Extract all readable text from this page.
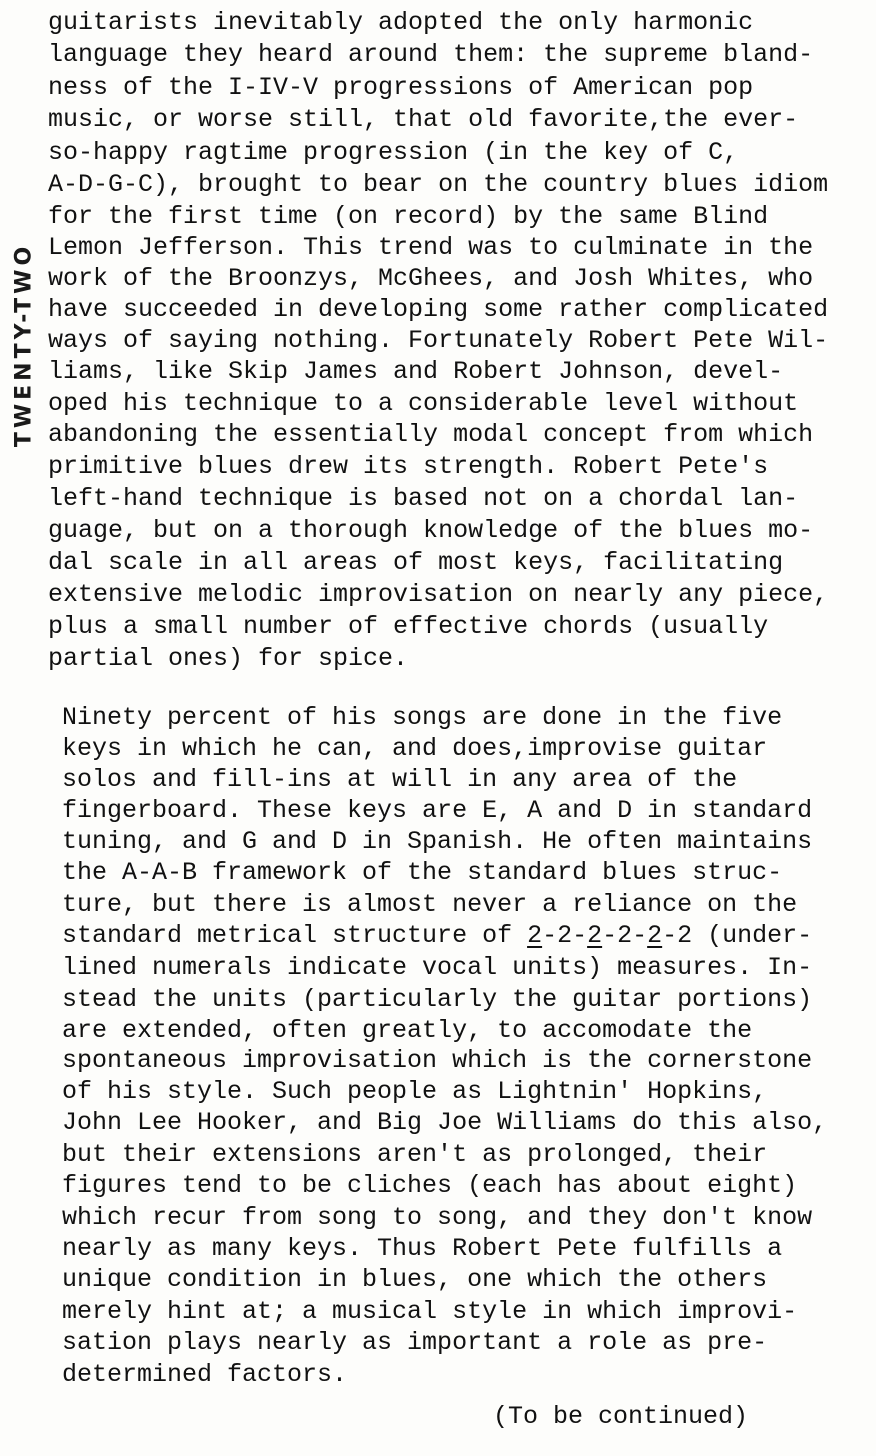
TWENTY-TWO
guitarists inevitably adopted the only harmonic
language they heard around them: the supreme bland-
ness of the I-IV-V progressions of American pop
music, or worse still, that old favorite,the ever-
so-happy ragtime progression (in the key of C,
A-D-G-C), brought to bear on the country blues idiom
for the first time (on record) by the same Blind
Lemon Jefferson. This trend was to culminate in the
work of the Broonzys, McGhees, and Josh Whites, who
have succeeded in developing some rather complicated
ways of saying nothing. Fortunately Robert Pete Wil-
liams, like Skip James and Robert Johnson, devel-
oped his technique to a considerable level without
abandoning the essentially modal concept from which
primitive blues drew its strength. Robert Pete's
left-hand technique is based not on a chordal lan-
guage, but on a thorough knowledge of the blues mo-
dal scale in all areas of most keys, facilitating
extensive melodic improvisation on nearly any piece,
plus a small number of effective chords (usually
partial ones) for spice.
Ninety percent of his songs are done in the five
keys in which he can, and does,improvise guitar
solos and fill-ins at will in any area of the
fingerboard. These keys are E, A and D in standard
tuning, and G and D in Spanish. He often maintains
the A-A-B framework of the standard blues struc-
ture, but there is almost never a reliance on the
standard metrical structure of 2-2-2-2-2-2 (under-
lined numerals indicate vocal units) measures. In-
stead the units (particularly the guitar portions)
are extended, often greatly, to accomodate the
spontaneous improvisation which is the cornerstone
of his style. Such people as Lightnin' Hopkins,
John Lee Hooker, and Big Joe Williams do this also,
but their extensions aren't as prolonged, their
figures tend to be cliches (each has about eight)
which recur from song to song, and they don't know
nearly as many keys. Thus Robert Pete fulfills a
unique condition in blues, one which the others
merely hint at; a musical style in which improvi-
sation plays nearly as important a role as pre-
determined factors.
(To be continued)
